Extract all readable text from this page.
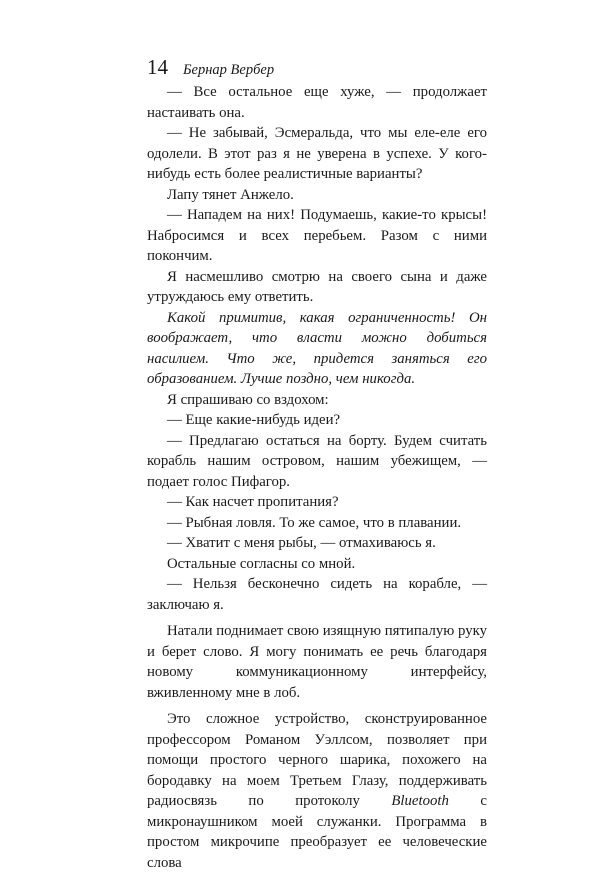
14 Бернар Вербер

— Все остальное еще хуже, — продолжает настаивать она.

— Не забывай, Эсмеральда, что мы еле-еле его одолели. В этот раз я не уверена в успехе. У кого-нибудь есть более реалистичные варианты?

Лапу тянет Анжело.

— Нападем на них! Подумаешь, какие-то крысы! Набросимся и всех перебьем. Разом с ними покончим.

Я насмешливо смотрю на своего сына и даже утруждаюсь ему ответить.

Какой примитив, какая ограниченность! Он воображает, что власти можно добиться насилием. Что же, придется заняться его образованием. Лучше поздно, чем никогда.

Я спрашиваю со вздохом:

— Еще какие-нибудь идеи?

— Предлагаю остаться на борту. Будем считать корабль нашим островом, нашим убежищем, — подает голос Пифагор.

— Как насчет пропитания?

— Рыбная ловля. То же самое, что в плавании.

— Хватит с меня рыбы, — отмахиваюсь я.

Остальные согласны со мной.

— Нельзя бесконечно сидеть на корабле, — заключаю я.

Натали поднимает свою изящную пятипалую руку и берет слово. Я могу понимать ее речь благодаря новому коммуникационному интерфейсу, вживленному мне в лоб.

Это сложное устройство, сконструированное профессором Романом Уэллсом, позволяет при помощи простого черного шарика, похожего на бородавку на моем Третьем Глазу, поддерживать радиосвязь по протоколу Bluetooth с микронаушником моей служанки. Программа в простом микрочипе преобразует ее человеческие слова
